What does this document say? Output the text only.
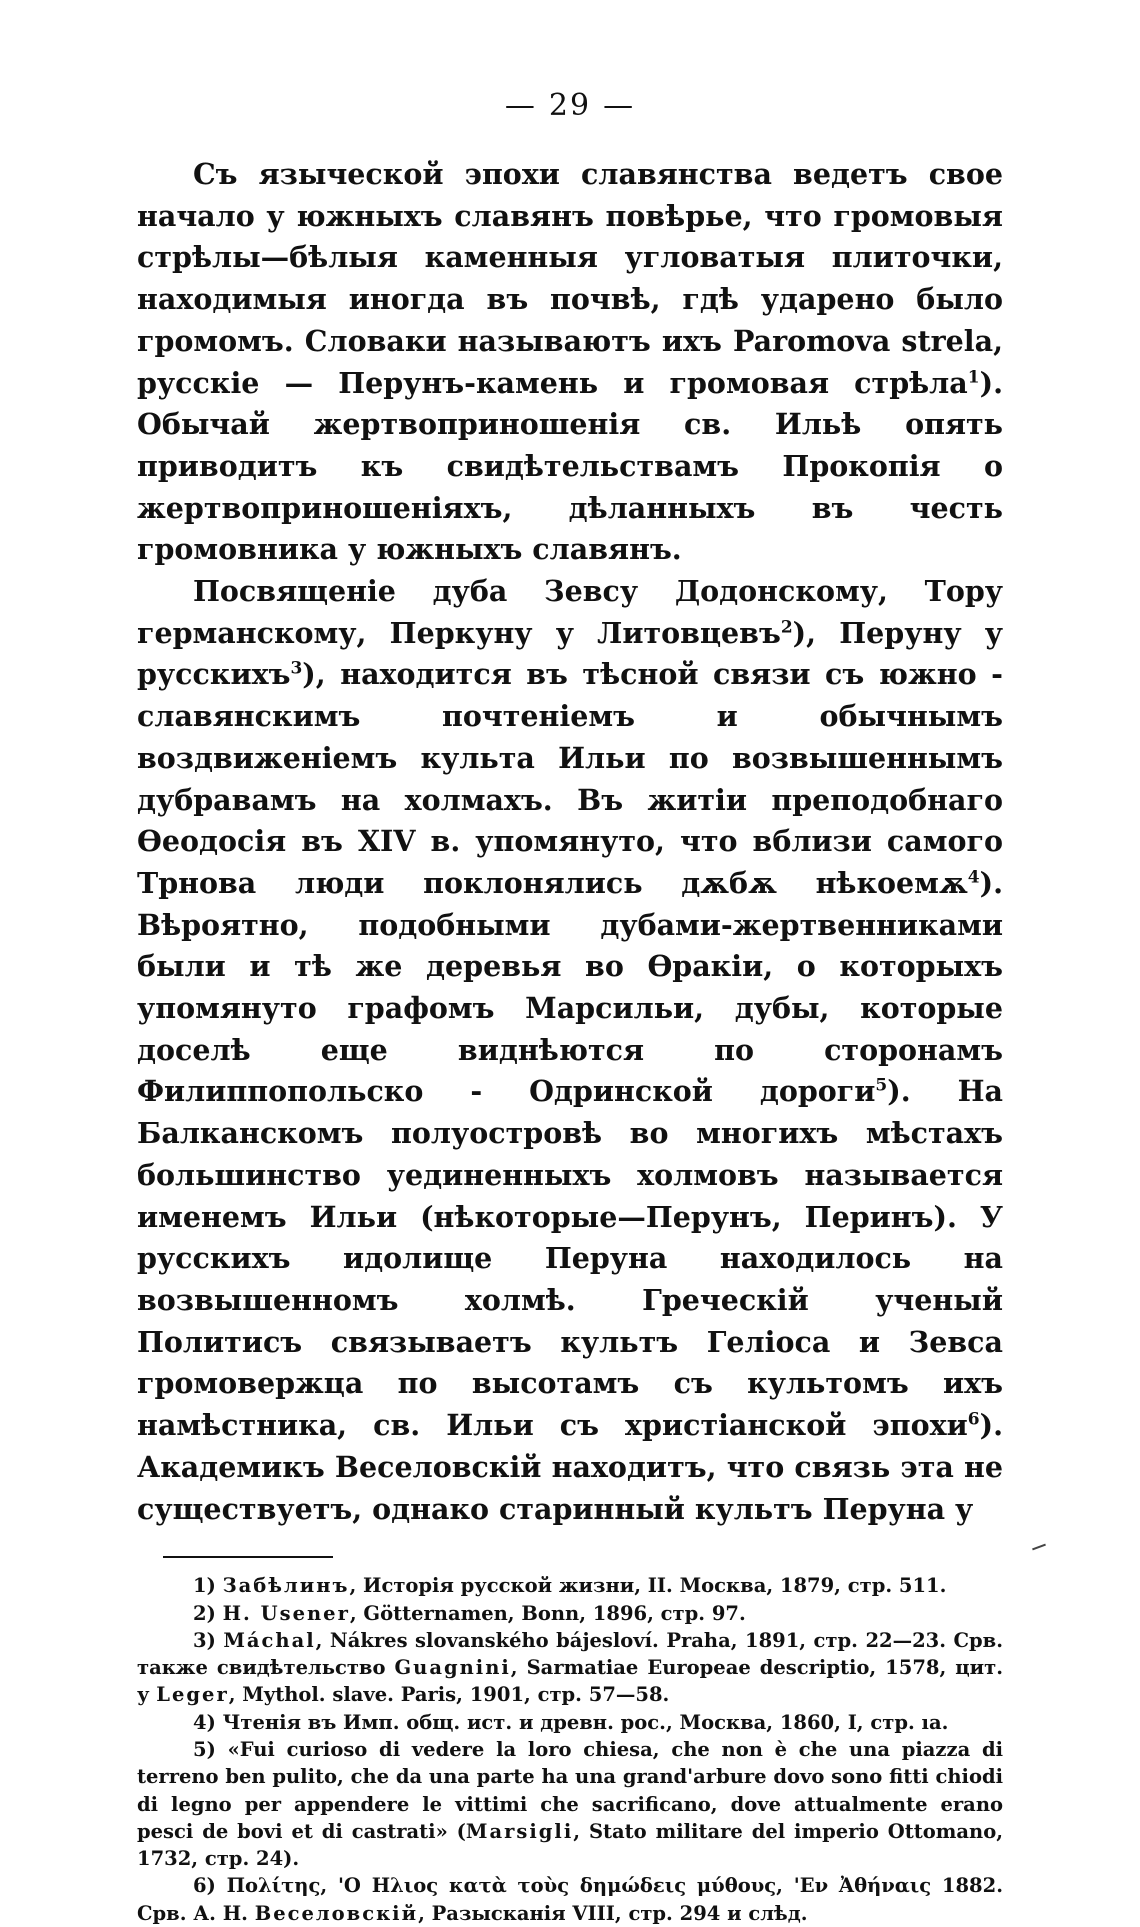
— 29 —

Съ языческой эпохи славянства ведетъ свое начало у южныхъ славянъ повѣрье, что громовыя стрѣлы—бѣлыя каменныя угловатыя плиточки, находимыя иногда въ почвѣ, гдѣ ударено было громомъ. Словаки называютъ ихъ Paromova strela, русскіе — Перунъ-камень и громовая стрѣла$^1$). Обычай жертвоприношенія св. Ильѣ опять приводитъ къ свидѣтельствамъ Прокопія о жертвоприношеніяхъ, дѣланныхъ въ честь громовника у южныхъ славянъ.

Посвященіе дуба Зевсу Додонскому, Тору германскому, Перкуну у Литовцевъ$^2$), Перуну у русскихъ$^3$), находится въ тѣсной связи съ южно - славянскимъ почтеніемъ и обычнымъ воздвиженіемъ культа Ильи по возвышеннымъ дубравамъ на холмахъ. Въ житіи преподобнаго Ѳеодосія въ XIV в. упомянуто, что вблизи самого Трнова люди поклонялись дѫбѫ нѣкоемѫ$^4$). Вѣроятно, подобными дубами-жертвенниками были и тѣ же деревья во Ѳракіи, о которыхъ упомянуто графомъ Марсильи, дубы, которые доселѣ еще виднѣются по сторонамъ Филиппопольско - Одринской дороги$^5$). На Балканскомъ полуостровѣ во многихъ мѣстахъ большинство уединенныхъ холмовъ называется именемъ Ильи (нѣкоторые—Перунъ, Перинъ). У русскихъ идолище Перуна находилось на возвышенномъ холмѣ. Греческій ученый Политисъ связываетъ культъ Геліоса и Зевса громовержца по высотамъ съ культомъ ихъ намѣстника, св. Ильи съ христіанской эпохи$^6$). Академикъ Веселовскій находитъ, что связь эта не существуетъ, однако старинный культъ Перуна у

1) Забѣлинъ, Исторія русской жизни, II. Москва, 1879, стр. 511.

2) H. Usener, Götternamen, Bonn, 1896, стр. 97.

3) Máchal, Nákres slovanského bájesloví. Praha, 1891, стр. 22—23. Срв. также свидѣтельство Guagnini, Sarmatiae Europeae descriptio, 1578, цит. у Leger, Mythol. slave. Paris, 1901, стр. 57—58.

4) Чтенія въ Имп. общ. ист. и древн. рос., Москва, 1860, I, стр. ıа.

5) «Fui curioso di vedere la loro chiesa, che non è che una piazza di terreno ben pulito, che da una parte ha una grand'arbure dovo sono fitti chiodi di legno per appendere le vittimi che sacrificano, dove attualmente erano pesci de bovi et di castrati» (Marsigli, Stato militare del imperio Ottomano, 1732, стр. 24).

6) Πολίτης, 'Ο Ηλιος κατὰ τοὺς δημώδεις μύθους, 'Εν Ἀθήναις 1882. Срв. А. Н. Веселовскій, Разысканія VIII, стр. 294 и слѣд.
